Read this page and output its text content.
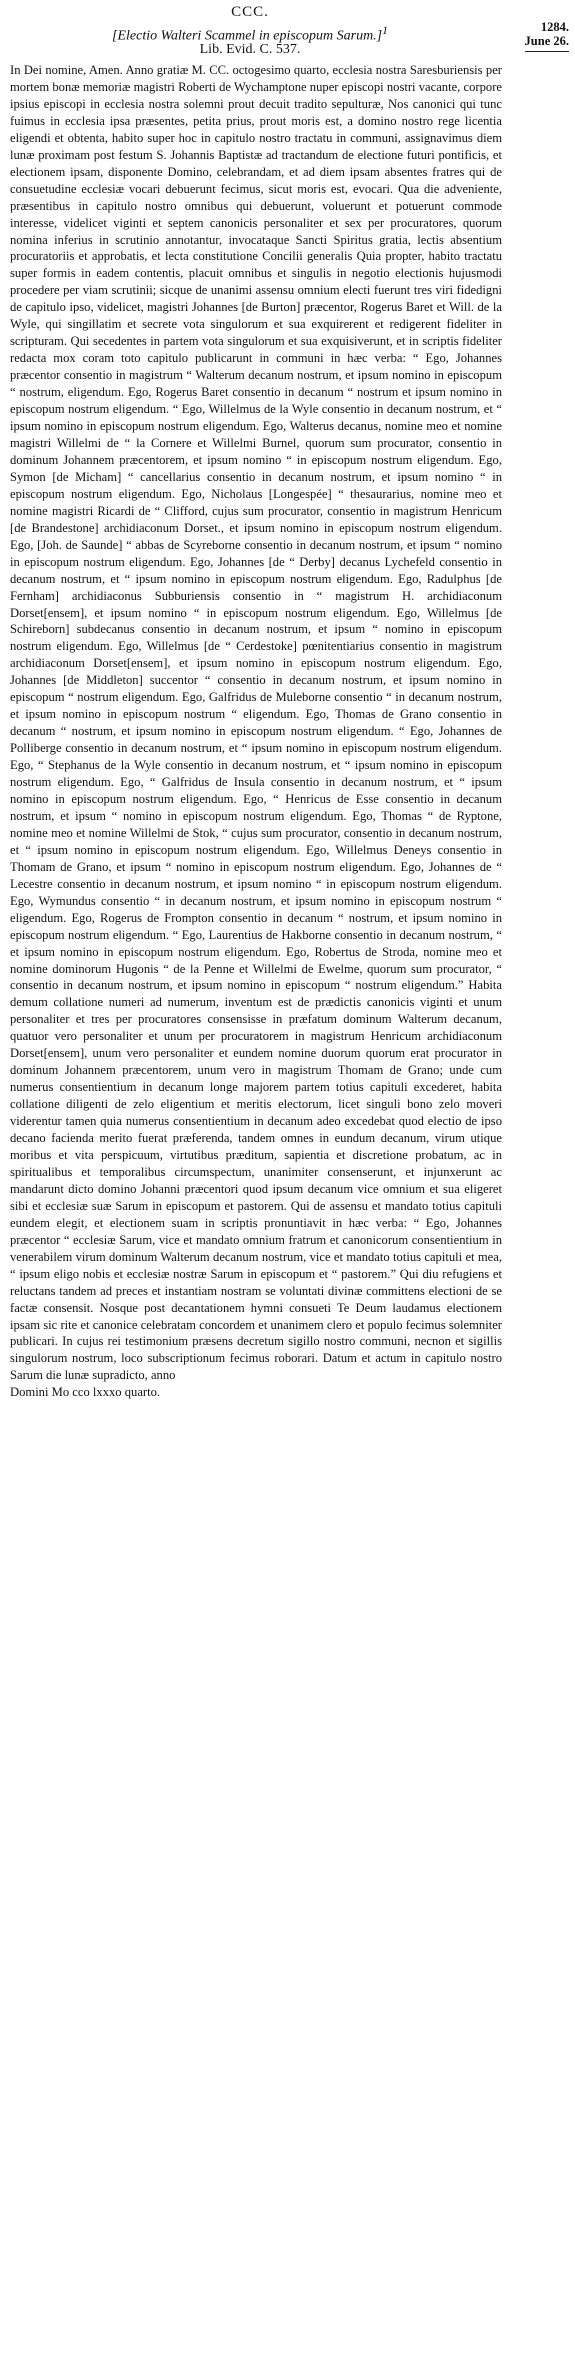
CCC.
1284.
June 26.
[Electio Walteri Scammel in episcopum Sarum.]$^1$
Lib. Evid. C. 537.

In Dei nomine, Amen. Anno gratiæ M. CC. octogesimo quarto, ecclesia nostra Saresburiensis per mortem bonæ memoriæ magistri Roberti de Wychamptone nuper episcopi nostri vacante, corpore ipsius episcopi in ecclesia nostra solemni prout decuit tradito sepulturæ, Nos canonici qui tunc fuimus in ecclesia ipsa præsentes, petita prius, prout moris est, a domino nostro rege licentia eligendi et obtenta, habito super hoc in capitulo nostro tractatu in communi, assignavimus diem lunæ proximam post festum S. Johannis Baptistæ ad tractandum de electione futuri pontificis, et electionem ipsam, disponente Domino, celebrandam, et ad diem ipsam absentes fratres qui de consuetudine ecclesiæ vocari debuerunt fecimus, sicut moris est, evocari. Qua die adveniente, præsentibus in capitulo nostro omnibus qui debuerunt, voluerunt et potuerunt commode interesse, videlicet viginti et septem canonicis personaliter et sex per procuratores, quorum nomina inferius in scrutinio annotantur, invocataque Sancti Spiritus gratia, lectis absentium procuratoriis et approbatis, et lecta constitutione Concilii generalis Quia propter, habito tractatu super formis in eadem contentis, placuit omnibus et singulis in negotio electionis hujusmodi procedere per viam scrutinii; sicque de unanimi assensu omnium electi fuerunt tres viri fidedigni de capitulo ipso, videlicet, magistri Johannes [de Burton] præcentor, Rogerus Baret et Will. de la Wyle, qui singillatim et secrete vota singulorum et sua exquirerent et redigerent fideliter in scripturam. Qui secedentes in partem vota singulorum et sua exquisiverunt, et in scriptis fideliter redacta mox coram toto capitulo publicarunt in communi in hæc verba: “ Ego, Johannes præcentor consentio in magistrum “ Walterum decanum nostrum, et ipsum nomino in episcopum “ nostrum, eligendum. Ego, Rogerus Baret consentio in decanum “ nostrum et ipsum nomino in episcopum nostrum eligendum. “ Ego, Willelmus de la Wyle consentio in decanum nostrum, et “ ipsum nomino in episcopum nostrum eligendum. Ego, Walterus decanus, nomine meo et nomine magistri Willelmi de “ la Cornere et Willelmi Burnel, quorum sum procurator, consentio in dominum Johannem præcentorem, et ipsum nomino “ in episcopum nostrum eligendum. Ego, Symon [de Micham] “ cancellarius consentio in decanum nostrum, et ipsum nomino “ in episcopum nostrum eligendum. Ego, Nicholaus [Longespée] “ thesaurarius, nomine meo et nomine magistri Ricardi de “ Clifford, cujus sum procurator, consentio in magistrum Henricum [de Brandestone] archidiaconum Dorset., et ipsum nomino in episcopum nostrum eligendum. Ego, [Joh. de Saunde] “ abbas de Scyreborne consentio in decanum nostrum, et ipsum “ nomino in episcopum nostrum eligendum. Ego, Johannes [de “ Derby] decanus Lychefeld consentio in decanum nostrum, et “ ipsum nomino in episcopum nostrum eligendum. Ego, Radulphus [de Fernham] archidiaconus Subburiensis consentio in “ magistrum H. archidiaconum Dorset[ensem], et ipsum nomino “ in episcopum nostrum eligendum. Ego, Willelmus [de Schireborn] subdecanus consentio in decanum nostrum, et ipsum “ nomino in episcopum nostrum eligendum. Ego, Willelmus [de “ Cerdestoke] pœnitentiarius consentio in magistrum archidiaconum Dorset[ensem], et ipsum nomino in episcopum nostrum eligendum. Ego, Johannes [de Middleton] succentor “ consentio in decanum nostrum, et ipsum nomino in episcopum “ nostrum eligendum. Ego, Galfridus de Muleborne consentio “ in decanum nostrum, et ipsum nomino in episcopum nostrum “ eligendum. Ego, Thomas de Grano consentio in decanum “ nostrum, et ipsum nomino in episcopum nostrum eligendum. “ Ego, Johannes de Polliberge consentio in decanum nostrum, et “ ipsum nomino in episcopum nostrum eligendum. Ego, “ Stephanus de la Wyle consentio in decanum nostrum, et “ ipsum nomino in episcopum nostrum eligendum. Ego, “ Galfridus de Insula consentio in decanum nostrum, et “ ipsum nomino in episcopum nostrum eligendum. Ego, “ Henricus de Esse consentio in decanum nostrum, et ipsum “ nomino in episcopum nostrum eligendum. Ego, Thomas “ de Ryptone, nomine meo et nomine Willelmi de Stok, “ cujus sum procurator, consentio in decanum nostrum, et “ ipsum nomino in episcopum nostrum eligendum. Ego, Willelmus Deneys consentio in Thomam de Grano, et ipsum “ nomino in episcopum nostrum eligendum. Ego, Johannes de “ Lecestre consentio in decanum nostrum, et ipsum nomino “ in episcopum nostrum eligendum. Ego, Wymundus consentio “ in decanum nostrum, et ipsum nomino in episcopum nostrum “ eligendum. Ego, Rogerus de Frompton consentio in decanum “ nostrum, et ipsum nomino in episcopum nostrum eligendum. “ Ego, Laurentius de Hakborne consentio in decanum nostrum, “ et ipsum nomino in episcopum nostrum eligendum. Ego, Robertus de Stroda, nomine meo et nomine dominorum Hugonis “ de la Penne et Willelmi de Ewelme, quorum sum procurator, “ consentio in decanum nostrum, et ipsum nomino in episcopum “ nostrum eligendum.” Habita demum collatione numeri ad numerum, inventum est de prædictis canonicis viginti et unum personaliter et tres per procuratores consensisse in præfatum dominum Walterum decanum, quatuor vero personaliter et unum per procuratorem in magistrum Henricum archidiaconum Dorset[ensem], unum vero personaliter et eundem nomine duorum quorum erat procurator in dominum Johannem præcentorem, unum vero in magistrum Thomam de Grano; unde cum numerus consentientium in decanum longe majorem partem totius capituli excederet, habita collatione diligenti de zelo eligentium et meritis electorum, licet singuli bono zelo moveri viderentur tamen quia numerus consentientium in decanum adeo excedebat quod electio de ipso decano facienda merito fuerat præferenda, tandem omnes in eundum decanum, virum utique moribus et vita perspicuum, virtutibus præditum, sapientia et discretione probatum, ac in spiritualibus et temporalibus circumspectum, unanimiter consenserunt, et injunxerunt ac mandarunt dicto domino Johanni præcentori quod ipsum decanum vice omnium et sua eligeret sibi et ecclesiæ suæ Sarum in episcopum et pastorem. Qui de assensu et mandato totius capituli eundem elegit, et electionem suam in scriptis pronuntiavit in hæc verba: “ Ego, Johannes præcentor “ ecclesiæ Sarum, vice et mandato omnium fratrum et canonicorum consentientium in venerabilem virum dominum Walterum decanum nostrum, vice et mandato totius capituli et mea, “ ipsum eligo nobis et ecclesiæ nostræ Sarum in episcopum et “ pastorem.” Qui diu refugiens et reluctans tandem ad preces et instantiam nostram se voluntati divinæ committens electioni de se factæ consensit. Nosque post decantationem hymni consueti Te Deum laudamus electionem ipsam sic rite et canonice celebratam concordem et unanimem clero et populo fecimus solemniter publicari. In cujus rei testimonium præsens decretum sigillo nostro communi, necnon et sigillis singulorum nostrum, loco subscriptionum fecimus roborari. Datum et actum in capitulo nostro Sarum die lunæ supradicto, anno

Domini Mo cco lxxxo quarto.
